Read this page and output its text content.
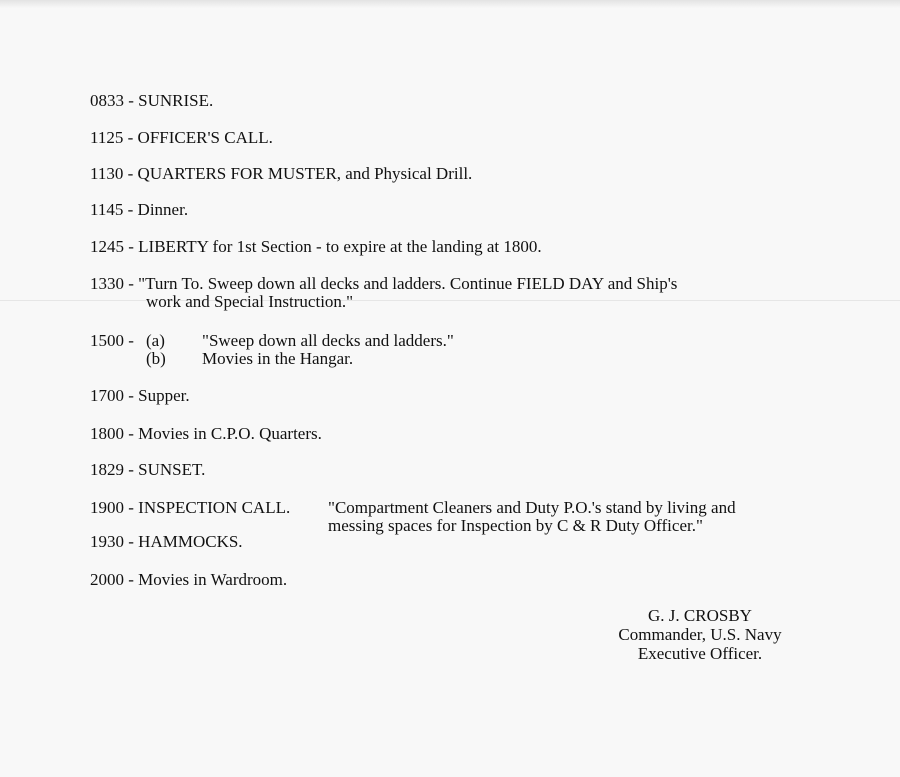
0833 - SUNRISE.
1125 - OFFICER'S CALL.
1130 - QUARTERS FOR MUSTER, and Physical Drill.
1145 - Dinner.
1245 - LIBERTY for 1st Section - to expire at the landing at 1800.
1330 - "Turn To. Sweep down all decks and ladders. Continue FIELD DAY and Ship's
work and Special Instruction."
1500 - (a) "Sweep down all decks and ladders."
(b) Movies in the Hangar.
1700 - Supper.
1800 - Movies in C.P.O. Quarters.
1829 - SUNSET.
1900 - INSPECTION CALL. "Compartment Cleaners and Duty P.O.'s stand by living and
messing spaces for Inspection by C & R Duty Officer."
1930 - HAMMOCKS.
2000 - Movies in Wardroom.
G. J. CROSBY
Commander, U.S. Navy
Executive Officer.
